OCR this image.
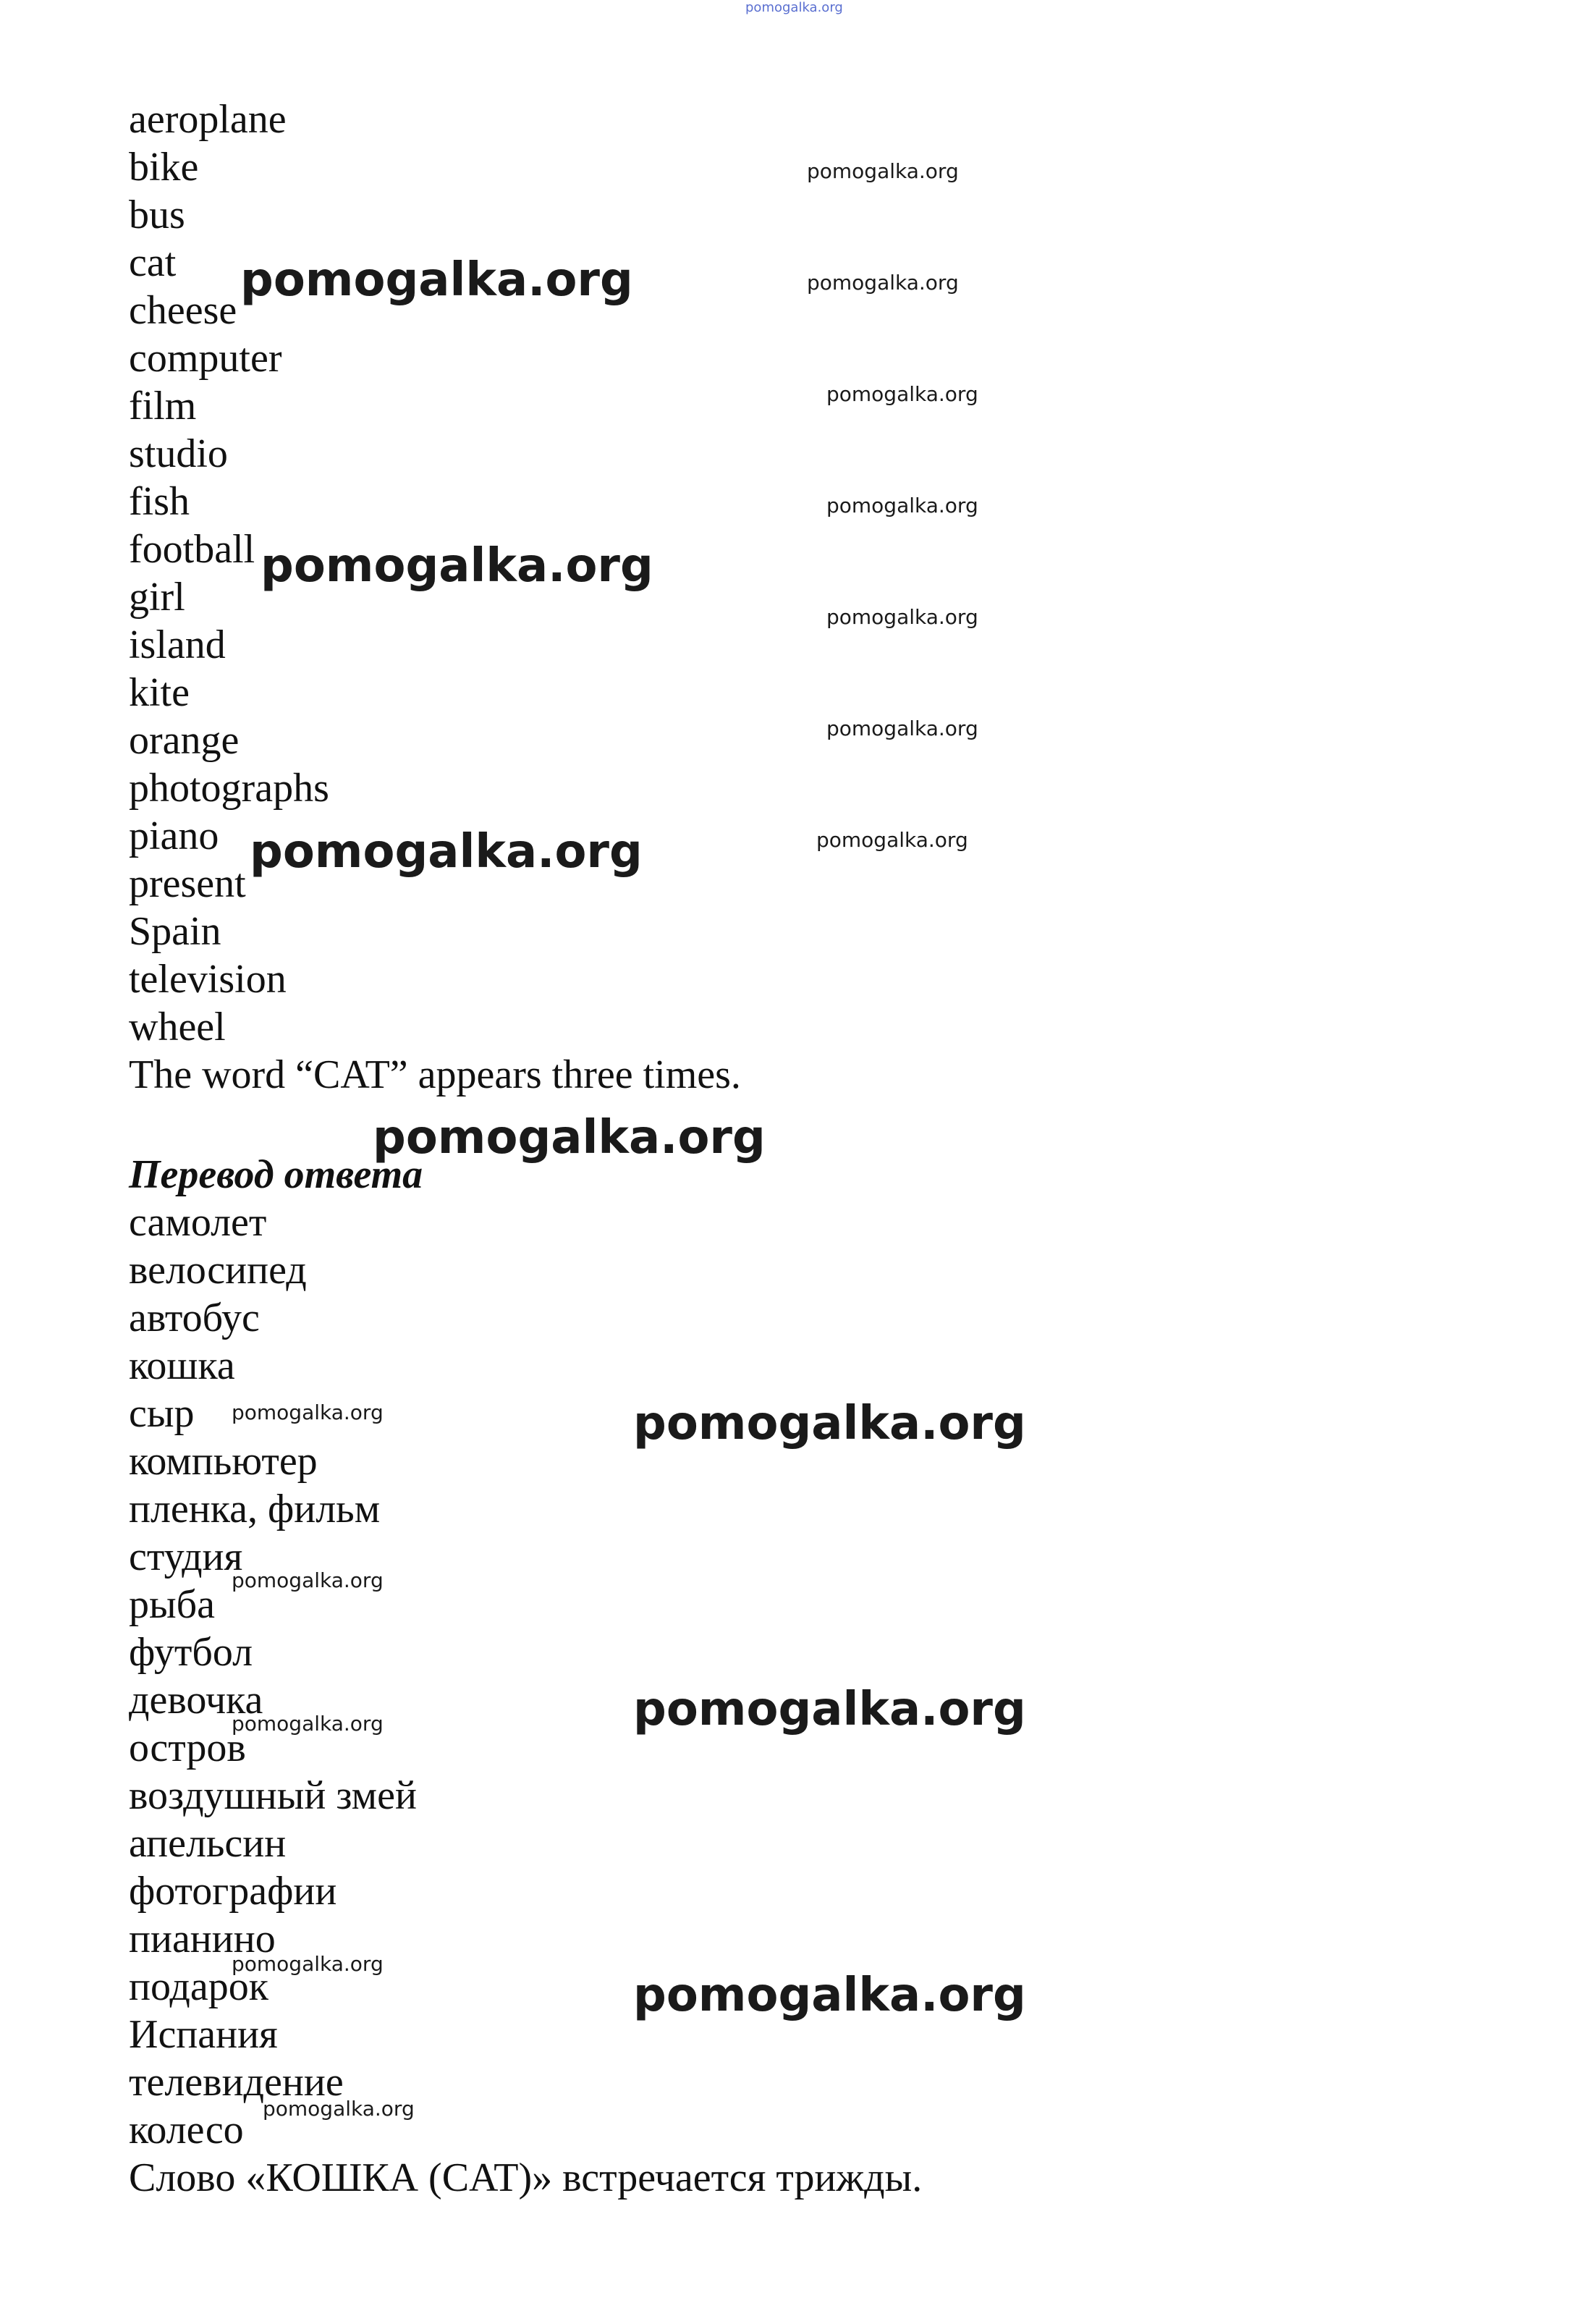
pomogalka.org
aeroplane
bike
bus
cat
cheese
computer
film
studio
fish
football
girl
island
kite
orange
photographs
piano
present
Spain
television
wheel
The word “CAT” appears three times.
Перевод ответа
самолет
велосипед
автобус
кошка
сыр
компьютер
пленка, фильм
студия
рыба
футбол
девочка
остров
воздушный змей
апельсин
фотографии
пианино
подарок
Испания
телевидение
колесо
Слово «КОШКА (CAT)» встречается трижды.
pomogalka.org
pomogalka.org
pomogalka.org
pomogalka.org
pomogalka.org
pomogalka.org
pomogalka.org
pomogalka.org
pomogalka.org
pomogalka.org
pomogalka.org
pomogalka.org
pomogalka.org
pomogalka.org
pomogalka.org
pomogalka.org
pomogalka.org
pomogalka.org
pomogalka.org
